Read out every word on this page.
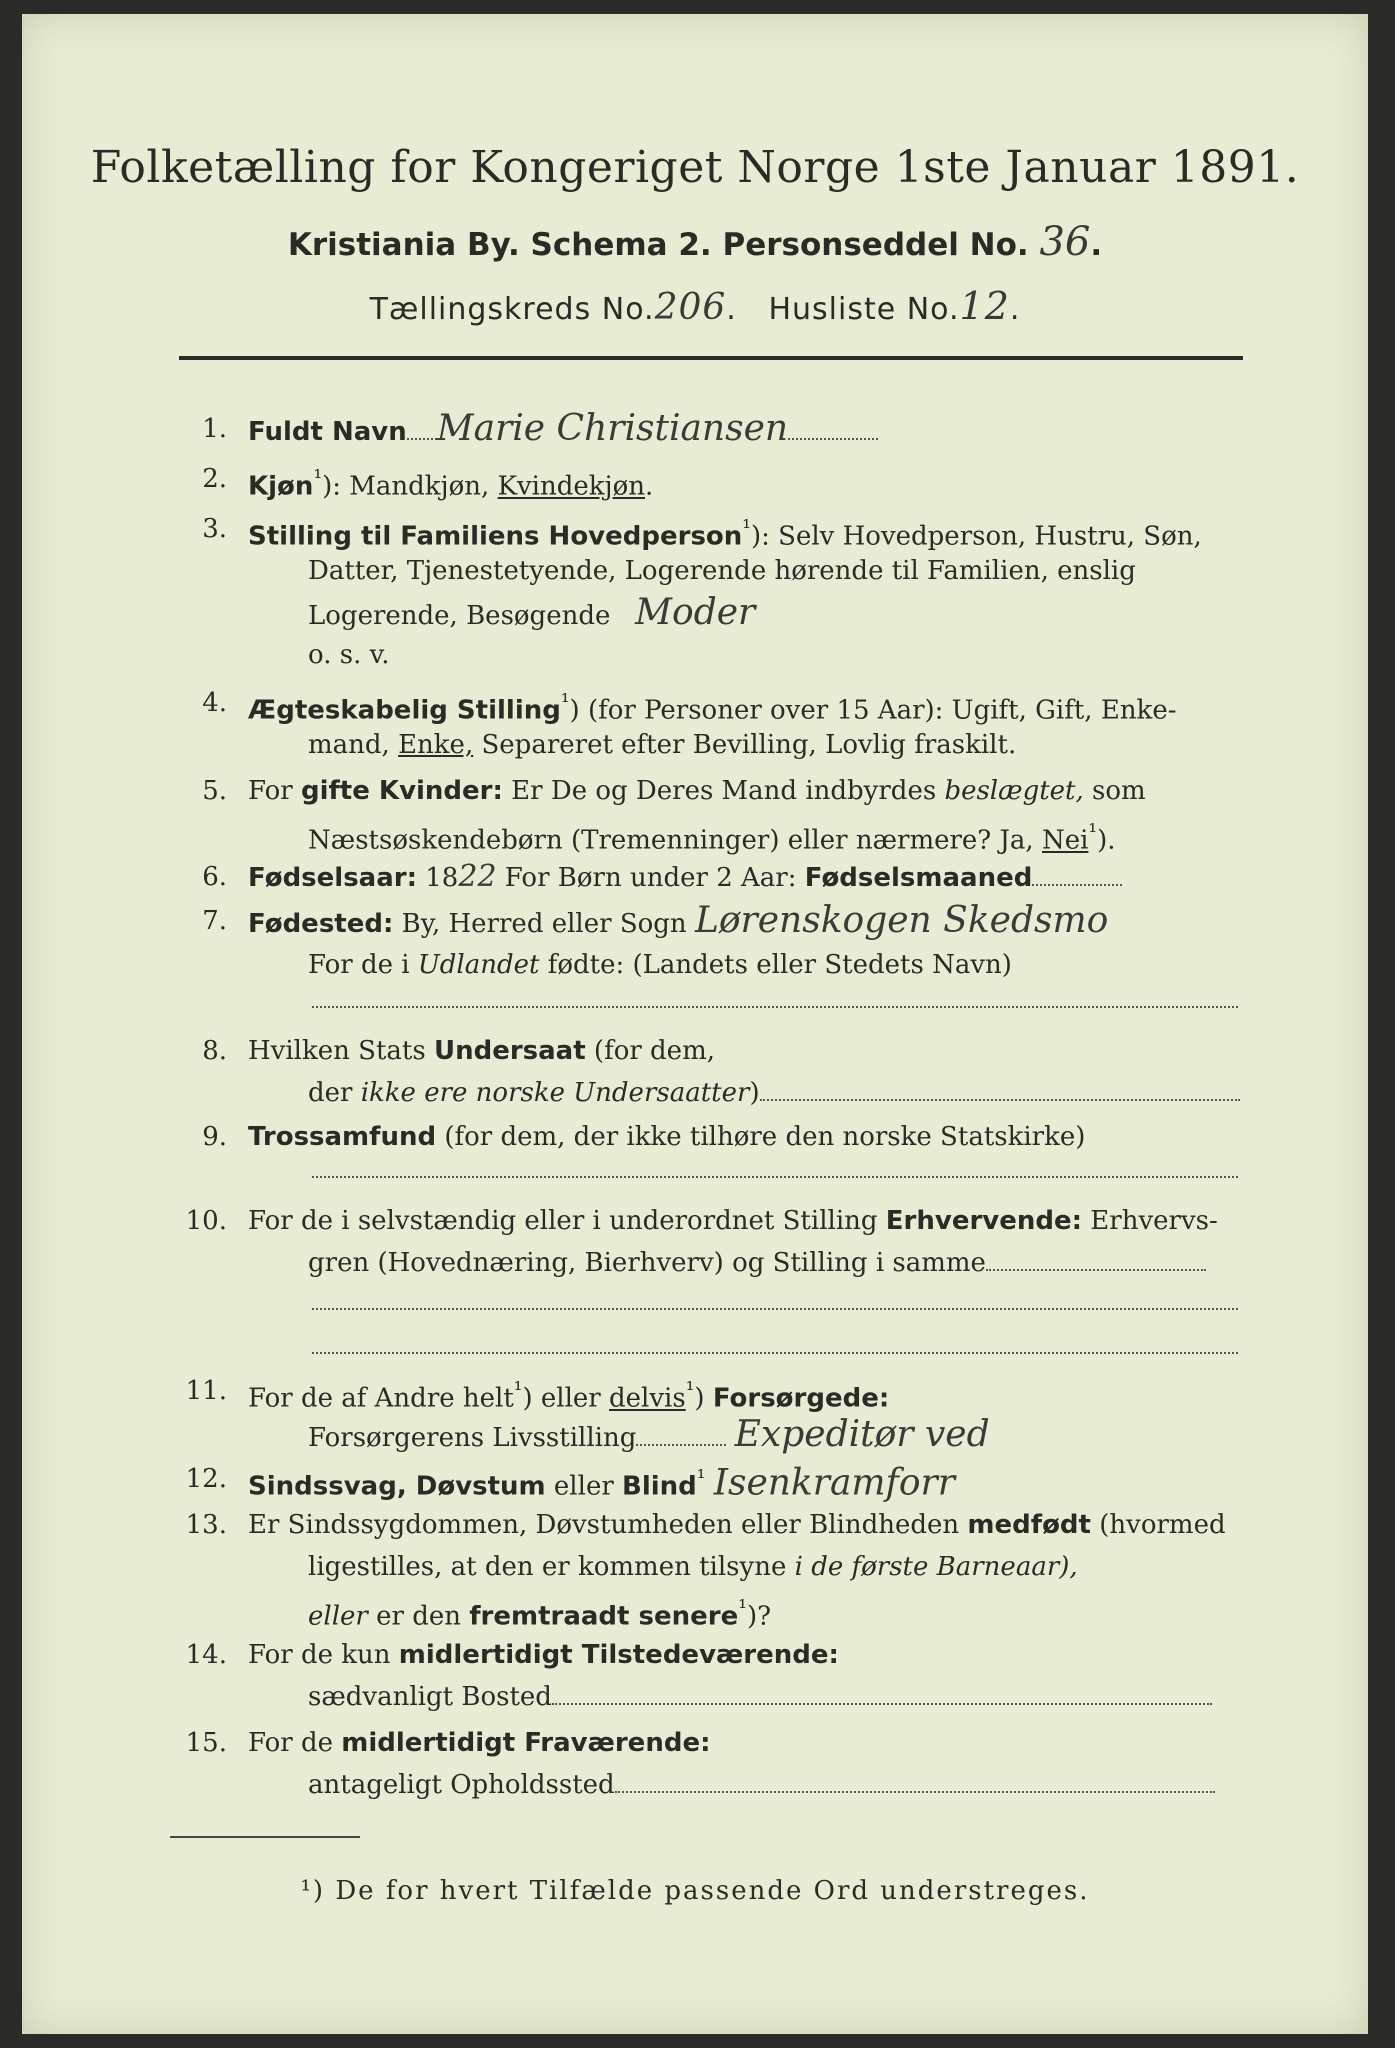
Folketælling for Kongeriget Norge 1ste Januar 1891.
Kristiania By. Schema 2. Personseddel No. 36.
Tællingskreds No.206.   Husliste No.12.
1. Fuldt Navn Marie Christiansen
2. Kjøn$^{^1}$): Mandkjøn, Kvindekjøn.
3. Stilling til Familiens Hovedperson$^{^1}$): Selv Hovedperson, Hustru, Søn,
Datter, Tjenestetyende, Logerende hørende til Familien, enslig
Logerende, Besøgende Moder
o. s. v.
4. Ægteskabelig Stilling$^{^1}$) (for Personer over 15 Aar): Ugift, Gift, Enke-
mand, Enke, Separeret efter Bevilling, Lovlig fraskilt.
5. For gifte Kvinder: Er De og Deres Mand indbyrdes beslægtet, som
Næstsøskendebørn (Tremenninger) eller nærmere? Ja, Nei$^{^1}$).
6. Fødselsaar: 1822 For Børn under 2 Aar: Fødselsmaaned
7. Fødested: By, Herred eller Sogn Lørenskogen Skedsmo
For de i Udlandet fødte: (Landets eller Stedets Navn)
8. Hvilken Stats Undersaat (for dem,
der ikke ere norske Undersaatter)
9. Trossamfund (for dem, der ikke tilhøre den norske Statskirke)
10. For de i selvstændig eller i underordnet Stilling Erhvervende: Erhvervs-
gren (Hovednæring, Bierhverv) og Stilling i samme
11. For de af Andre helt$^{^1}$) eller delvis$^{^1}$) Forsørgede:
Forsørgerens Livsstilling	Expeditør ved
12. Sindssvag, Døvstum eller Blind$^{^1}$ Isenkramforr
13. Er Sindssygdommen, Døvstumheden eller Blindheden medfødt (hvormed
ligestilles, at den er kommen tilsyne i de første Barneaar),
eller er den fremtraadt senere$^{^1}$)?
14. For de kun midlertidigt Tilstedeværende:
sædvanligt Bosted
15. For de midlertidigt Fraværende:
antageligt Opholdssted
¹) De for hvert Tilfælde passende Ord understreges.
